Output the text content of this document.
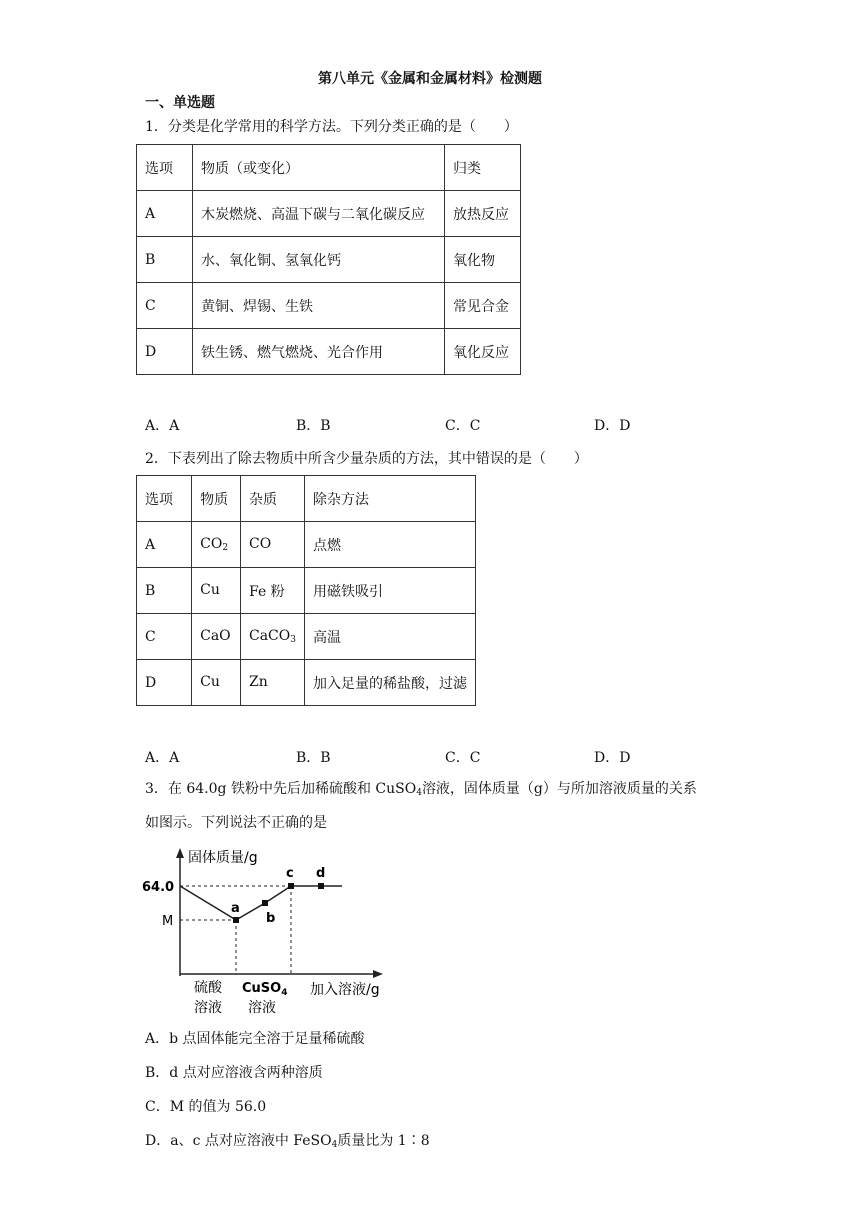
第八单元《金属和金属材料》检测题
一、单选题
1．分类是化学常用的科学方法。下列分类正确的是（　　）
选项	物质（或变化）	归类
A	木炭燃烧、高温下碳与二氧化碳反应	放热反应
B	水、氧化铜、氢氧化钙	氧化物
C	黄铜、焊锡、生铁	常见合金
D	铁生锈、燃气燃烧、光合作用	氧化反应
A．A	B．B	C．C	D．D
2．下表列出了除去物质中所含少量杂质的方法，其中错误的是（　　）
选项	物质	杂质	除杂方法
A	$CO_2$	CO	点燃
B	Cu	Fe 粉	用磁铁吸引
C	CaO	CaCO$_3$	高温
D	Cu	Zn	加入足量的稀盐酸，过滤
A．A	B．B	C．C	D．D
3．在 64.0g 铁粉中先后加稀硫酸和 CuSO$_4$溶液，固体质量（g）与所加溶液质量的关系
如图示。下列说法不正确的是
固体质量/g
加入溶液/g
64.0
M
a
b
c d
硫酸
溶液
CuSO$_4$
溶液
A．b 点固体能完全溶于足量稀硫酸
B．d 点对应溶液含两种溶质
C．M 的值为 56.0
D．a、c 点对应溶液中 FeSO$_4$质量比为 1∶8
